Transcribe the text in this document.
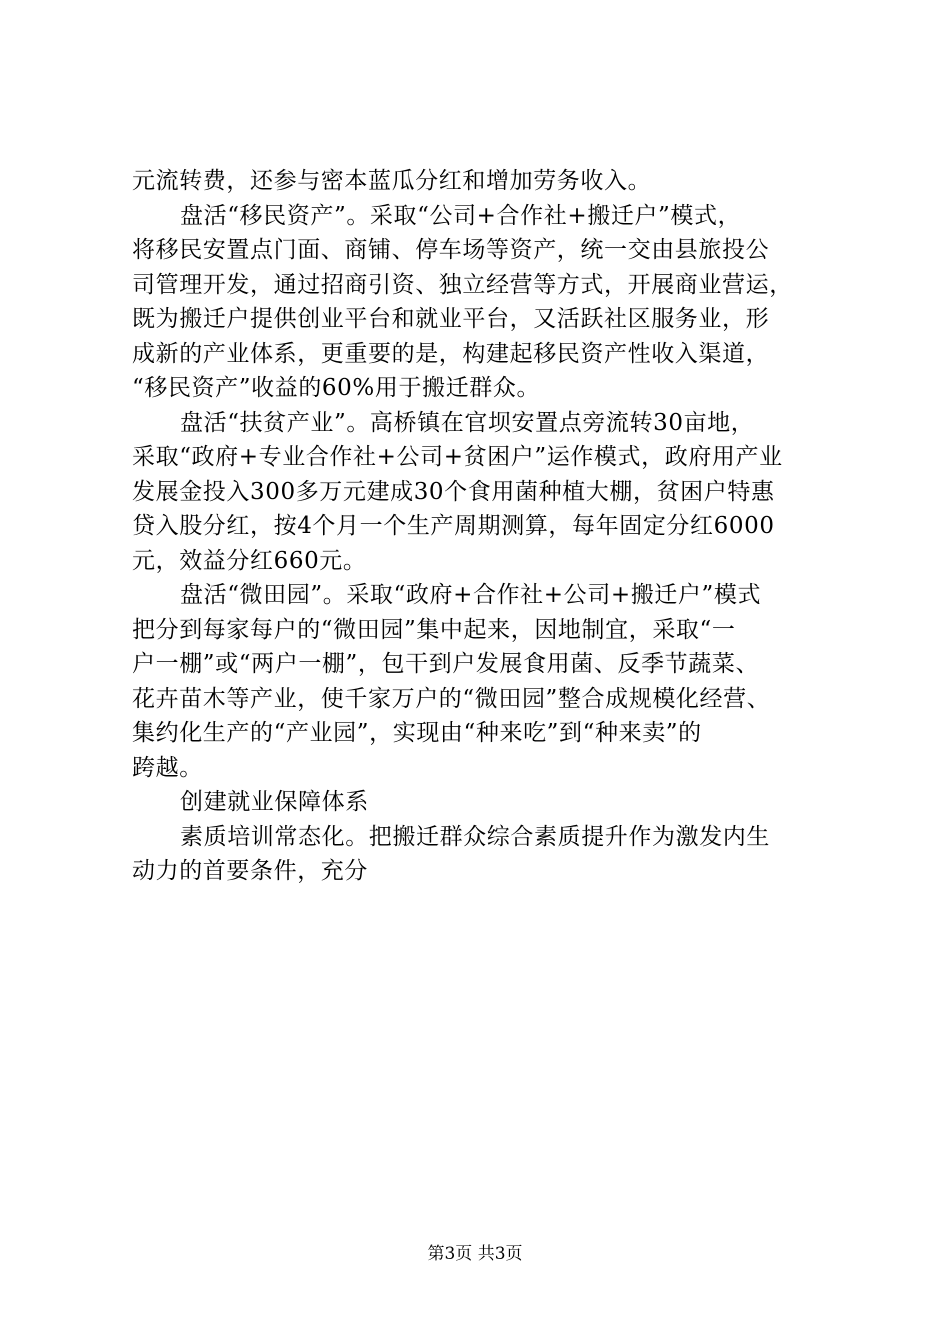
元流转费，还参与密本蓝瓜分红和增加劳务收入。
盘活“移民资产”。采取“公司+合作社+搬迁户”模式，
将移民安置点门面、商铺、停车场等资产，统一交由县旅投公
司管理开发，通过招商引资、独立经营等方式，开展商业营运，
既为搬迁户提供创业平台和就业平台，又活跃社区服务业，形
成新的产业体系，更重要的是，构建起移民资产性收入渠道，
“移民资产”收益的60%用于搬迁群众。
盘活“扶贫产业”。高桥镇在官坝安置点旁流转30亩地，
采取“政府+专业合作社+公司+贫困户”运作模式，政府用产业
发展金投入300多万元建成30个食用菌种植大棚，贫困户特惠
贷入股分红，按4个月一个生产周期测算，每年固定分红6000
元，效益分红660元。
盘活“微田园”。采取“政府+合作社+公司+搬迁户”模式
把分到每家每户的“微田园”集中起来，因地制宜，采取“一
户一棚”或“两户一棚”，包干到户发展食用菌、反季节蔬菜、
花卉苗木等产业，使千家万户的“微田园”整合成规模化经营、
集约化生产的“产业园”，实现由“种来吃”到“种来卖”的
跨越。
创建就业保障体系
素质培训常态化。把搬迁群众综合素质提升作为激发内生
动力的首要条件，充分
第3页 共3页
